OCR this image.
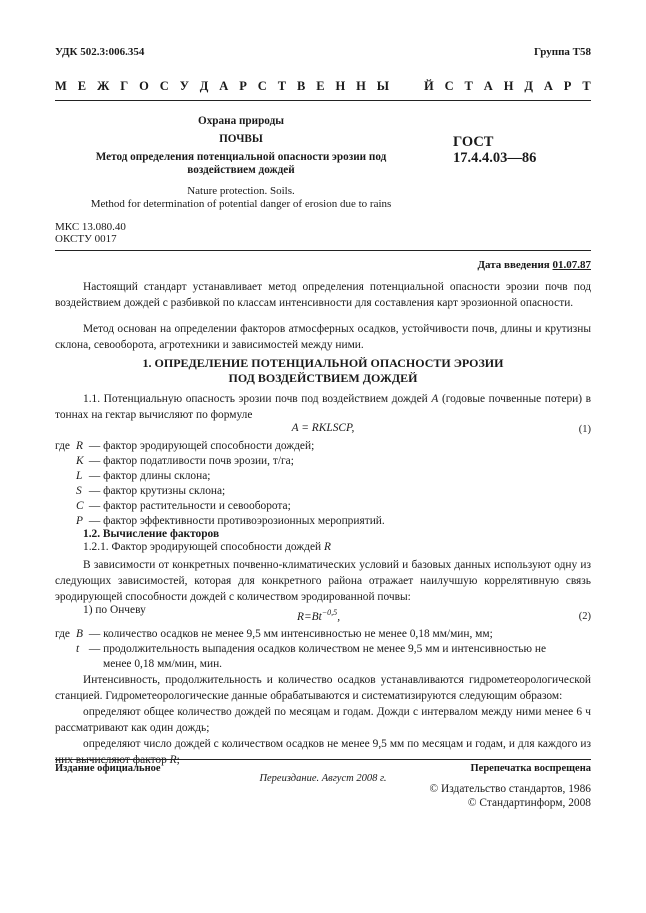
УДК 502.3:006.354	Группа Т58
М Е Ж Г О С У Д А Р С Т В Е Н Н Ы	Й С Т А Н Д А Р Т
Охрана природы
ПОЧВЫ
Метод определения потенциальной опасности эрозии под
воздействием дождей
Nature protection. Soils.
Method for determination of potential danger of erosion due to rains
ГОСТ
17.4.4.03—86
МКС 13.080.40
ОКСТУ 0017
Дата введения 01.07.87
Настоящий стандарт устанавливает метод определения потенциальной опасности эрозии почв под воздействием дождей с разбивкой по классам интенсивности для составления карт эрозионной опасности.
Метод основан на определении факторов атмосферных осадков, устойчивости почв, длины и крутизны склона, севооборота, агротехники и зависимостей между ними.
1. ОПРЕДЕЛЕНИЕ ПОТЕНЦИАЛЬНОЙ ОПАСНОСТИ ЭРОЗИИ
ПОД ВОЗДЕЙСТВИЕМ ДОЖДЕЙ
1.1. Потенциальную опасность эрозии почв под воздействием дождей A (годовые почвенные потери) в тоннах на гектар вычисляют по формуле
A = RKLSCP,	(1)
где R — фактор эродирующей способности дождей;
K — фактор податливости почв эрозии, т/га;
L — фактор длины склона;
S — фактор крутизны склона;
C — фактор растительности и севооборота;
P — фактор эффективности противоэрозионных мероприятий.
1.2. Вычисление факторов
1.2.1. Фактор эродирующей способности дождей R
В зависимости от конкретных почвенно-климатических условий и базовых данных используют одну из следующих зависимостей, которая для конкретного района отражает наилучшую коррелятивную связь эродирующей способности дождей с количеством эродированной почвы:
1) по Ончеву
$R=Bt^{-0,5}$,	(2)
где B — количество осадков не менее 9,5 мм интенсивностью не менее 0,18 мм/мин, мм;
t — продолжительность выпадения осадков количеством не менее 9,5 мм и интенсивностью не
менее 0,18 мм/мин, мин.
Интенсивность, продолжительность и количество осадков устанавливаются гидрометеорологической станцией. Гидрометеорологические данные обрабатываются и систематизируются следующим образом:
определяют общее количество дождей по месяцам и годам. Дожди с интервалом между ними менее 6 ч рассматривают как один дождь;
определяют число дождей с количеством осадков не менее 9,5 мм по месяцам и годам, и для каждого из них вычисляют фактор R;
Издание официальное	Перепечатка воспрещена
Переиздание. Август 2008 г.
© Издательство стандартов, 1986
© Стандартинформ, 2008
